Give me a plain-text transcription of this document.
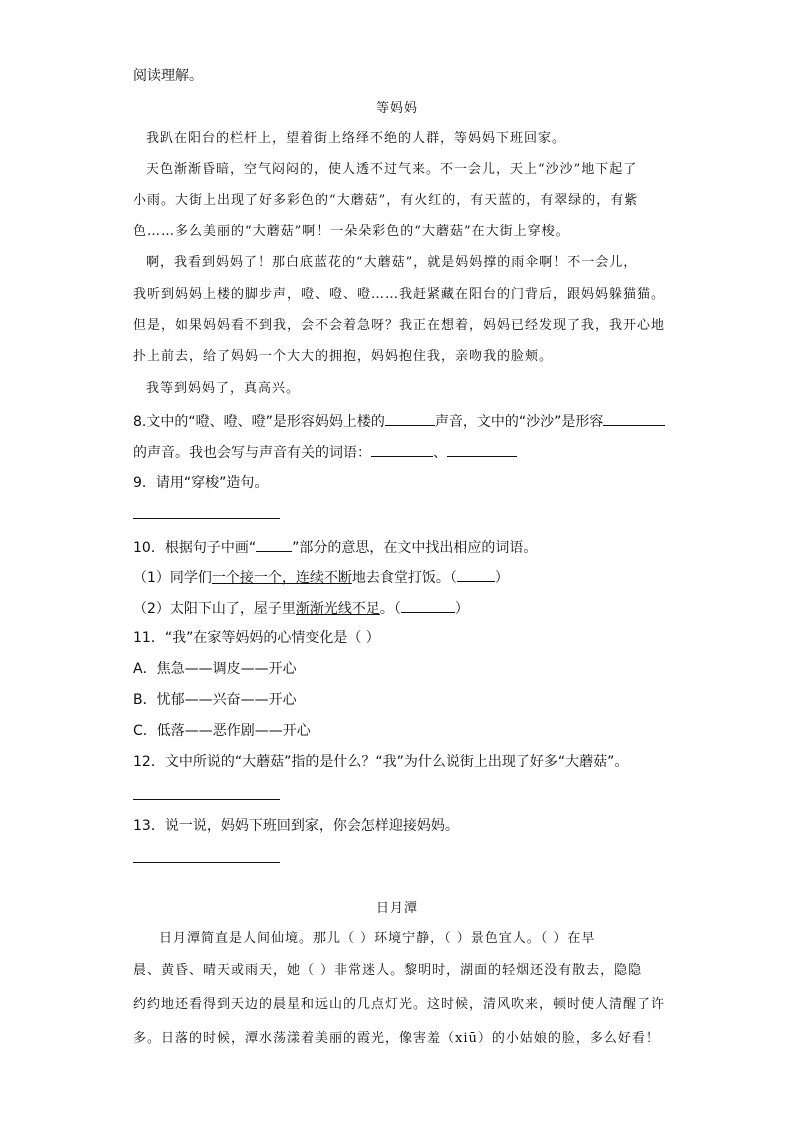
阅读理解。
等妈妈
我趴在阳台的栏杆上，望着街上络绎不绝的人群，等妈妈下班回家。
天色渐渐昏暗，空气闷闷的，使人透不过气来。不一会儿，天上“沙沙”地下起了
小雨。大街上出现了好多彩色的“大蘑菇”，有火红的，有天蓝的，有翠绿的，有紫
色……多么美丽的“大蘑菇”啊！一朵朵彩色的“大蘑菇”在大街上穿梭。
啊，我看到妈妈了！那白底蓝花的“大蘑菇”，就是妈妈撑的雨伞啊！不一会儿，
我听到妈妈上楼的脚步声，噔、噔、噔……我赶紧藏在阳台的门背后，跟妈妈躲猫猫。
但是，如果妈妈看不到我，会不会着急呀？我正在想着，妈妈已经发现了我，我开心地
扑上前去，给了妈妈一个大大的拥抱，妈妈抱住我，亲吻我的脸颊。
我等到妈妈了，真高兴。
8.文中的“噔、噔、噔”是形容妈妈上楼的	声音，文中的“沙沙”是形容
的声音。我也会写与声音有关的词语：	、
9．请用“穿梭”造句。
10．根据句子中画“	”部分的意思，在文中找出相应的词语。
（1）同学们一个接一个，连续不断地去食堂打饭。（	）
（2）太阳下山了，屋子里渐渐光线不足。（	）
11．“我”在家等妈妈的心情变化是（ ）
A．焦急——调皮——开心
B．忧郁——兴奋——开心
C．低落——恶作剧——开心
12．文中所说的“大蘑菇”指的是什么？“我”为什么说街上出现了好多“大蘑菇”。
13．说一说，妈妈下班回到家，你会怎样迎接妈妈。
日月潭
日月潭简直是人间仙境。那儿（ ）环境宁静，（ ）景色宜人。（ ）在早
晨、黄昏、晴天或雨天，她（ ）非常迷人。黎明时，湖面的轻烟还没有散去，隐隐
约约地还看得到天边的晨星和远山的几点灯光。这时候，清风吹来，顿时使人清醒了许
多。日落的时候，潭水荡漾着美丽的霞光，像害羞（xiū）的小姑娘的脸，多么好看！
